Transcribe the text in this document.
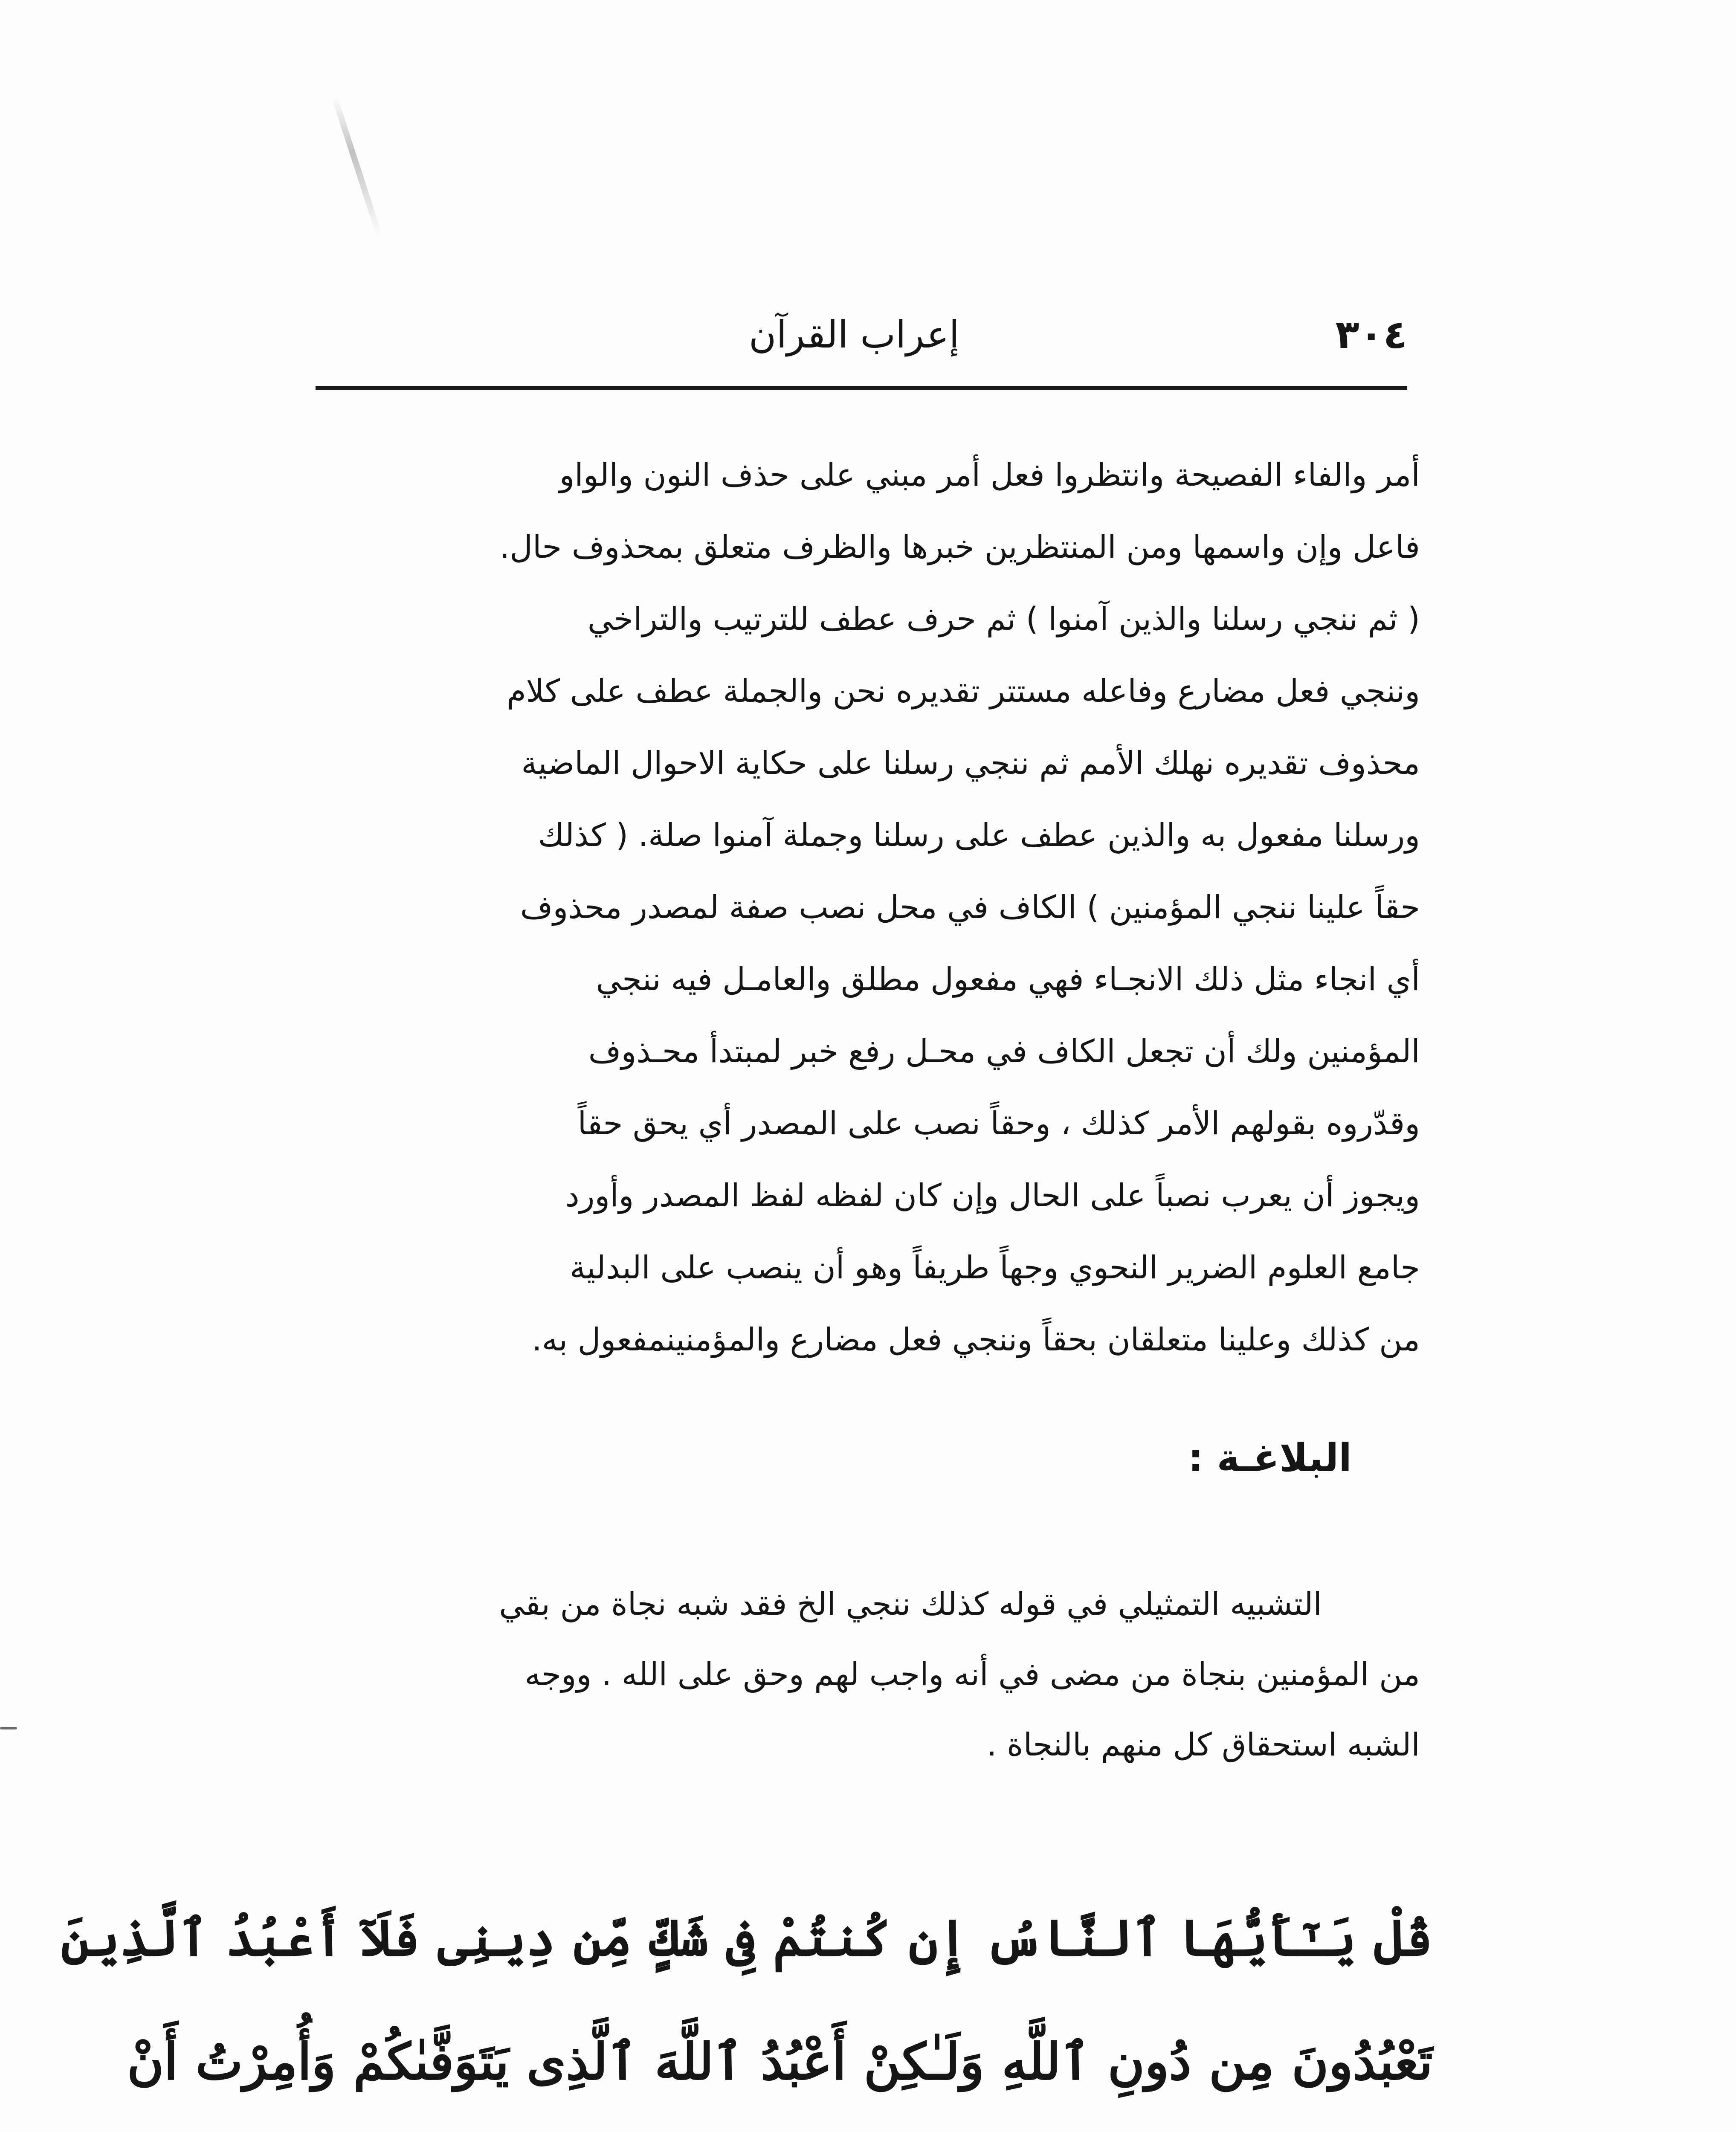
٣٠٤
إعراب القرآن
أمر والفاء الفصيحة وانتظروا فعل أمر مبني على حذف النون والواو
فاعل وإن واسمها ومن المنتظرين خبرها والظرف متعلق بمحذوف حال.
( ثم ننجي رسلنا والذين آمنوا ) ثم حرف عطف للترتيب والتراخي
وننجي فعل مضارع وفاعله مستتر تقديره نحن والجملة عطف على كلام
محذوف تقديره نهلك الأمم ثم ننجي رسلنا على حكاية الاحوال الماضية
ورسلنا مفعول به والذين عطف على رسلنا وجملة آمنوا صلة. ( كذلك
حقاً علينا ننجي المؤمنين ) الكاف في محل نصب صفة لمصدر محذوف
أي انجاء مثل ذلك الانجـاء فهي مفعول مطلق والعامـل فيه ننجي
المؤمنين ولك أن تجعل الكاف في محـل رفع خبر لمبتدأ محـذوف
وقدّروه بقولهم الأمر كذلك ، وحقاً نصب على المصدر أي يحق حقاً
ويجوز أن يعرب نصباً على الحال وإن كان لفظه لفظ المصدر وأورد
جامع العلوم الضرير النحوي وجهاً طريفاً وهو أن ينصب على البدلية
من كذلك وعلينا متعلقان بحقاً وننجي فعل مضارع والمؤمنينمفعول به.
البلاغـة :
التشبيه التمثيلي في قوله كذلك ننجي الخ فقد شبه نجاة من بقي
من المؤمنين بنجاة من مضى في أنه واجب لهم وحق على الله . ووجه
الشبه استحقاق كل منهم بالنجاة .
قُلْ يَـٰٓأَيُّهَا ٱلنَّاسُ إِن كُنتُمْ فِى شَكٍّ مِّن دِينِى فَلَآ أَعْبُدُ ٱلَّذِينَ
تَعْبُدُونَ مِن دُونِ ٱللَّهِ وَلَـٰكِنْ أَعْبُدُ ٱللَّهَ ٱلَّذِى يَتَوَفَّىٰكُمْ وَأُمِرْتُ أَنْ
